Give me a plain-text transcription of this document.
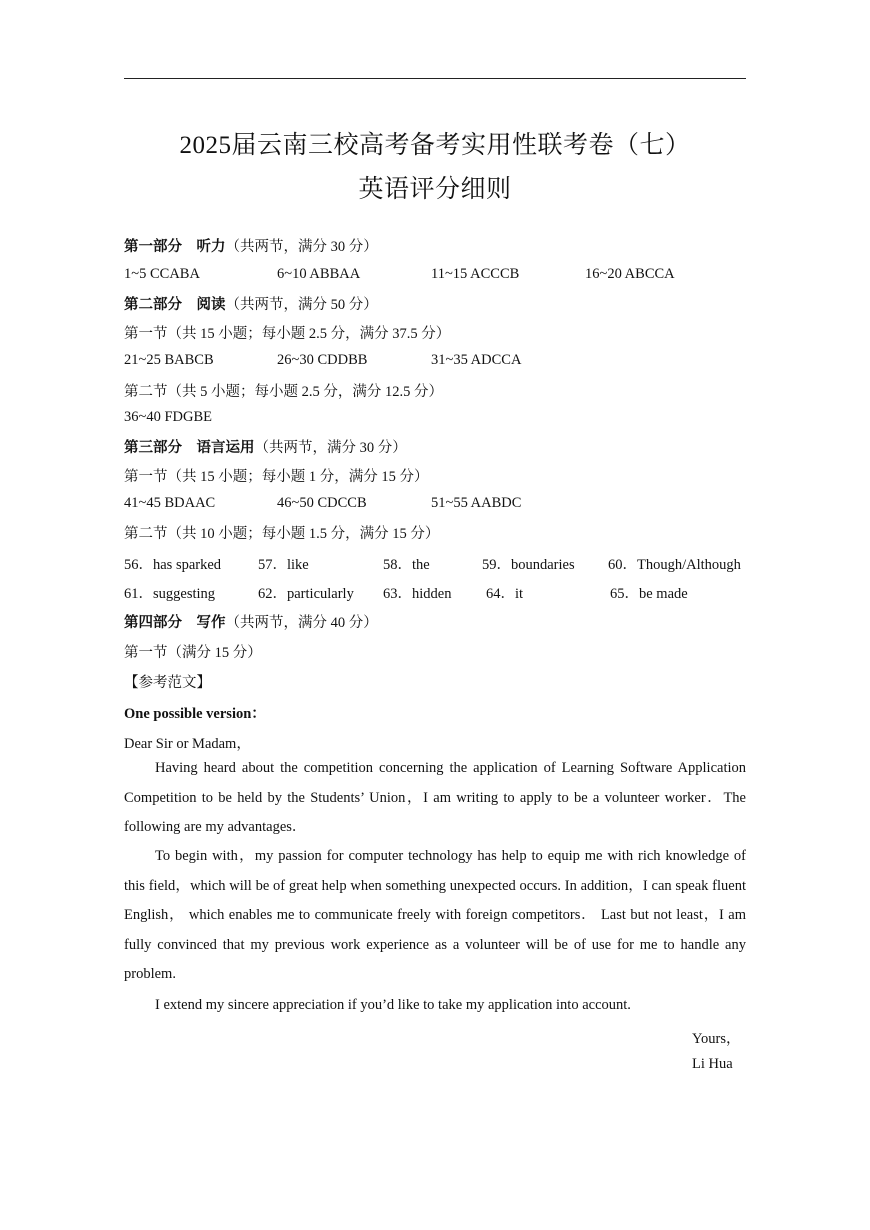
2025届云南三校高考备考实用性联考卷（七）
英语评分细则
第一部分　听力（共两节，满分 30 分）
1~5 CCABA	6~10 ABBAA	11~15 ACCCB	16~20 ABCCA
第二部分　阅读（共两节，满分 50 分）
第一节（共 15 小题；每小题 2.5 分，满分 37.5 分）
21~25 BABCB	26~30 CDDBB	31~35 ADCCA
第二节（共 5 小题；每小题 2.5 分，满分 12.5 分）
36~40 FDGBE
第三部分　语言运用（共两节，满分 30 分）
第一节（共 15 小题；每小题 1 分，满分 15 分）
41~45 BDAAC	46~50 CDCCB	51~55 AABDC
第二节（共 10 小题；每小题 1.5 分，满分 15 分）
56．has sparked	57．like	58．the	59．boundaries 60．Though/Although
61．suggesting	62．particularly 63．hidden 64．it	65．be made
第四部分　写作（共两节，满分 40 分）
第一节（满分 15 分）
【参考范文】
One possible version：
Dear Sir or Madam，
Having heard about the competition concerning the application of Learning Software Application Competition to be held by the Students’ Union，I am writing to apply to be a volunteer worker．The following are my advantages．
To begin with，my passion for computer technology has help to equip me with rich knowledge of this field，which will be of great help when something unexpected occurs. In addition，I can speak fluent English， which enables me to communicate freely with foreign competitors． Last but not least，I am fully convinced that my previous work experience as a volunteer will be of use for me to handle any problem.
I extend my sincere appreciation if you’d like to take my application into account.
Yours，
Li Hua
